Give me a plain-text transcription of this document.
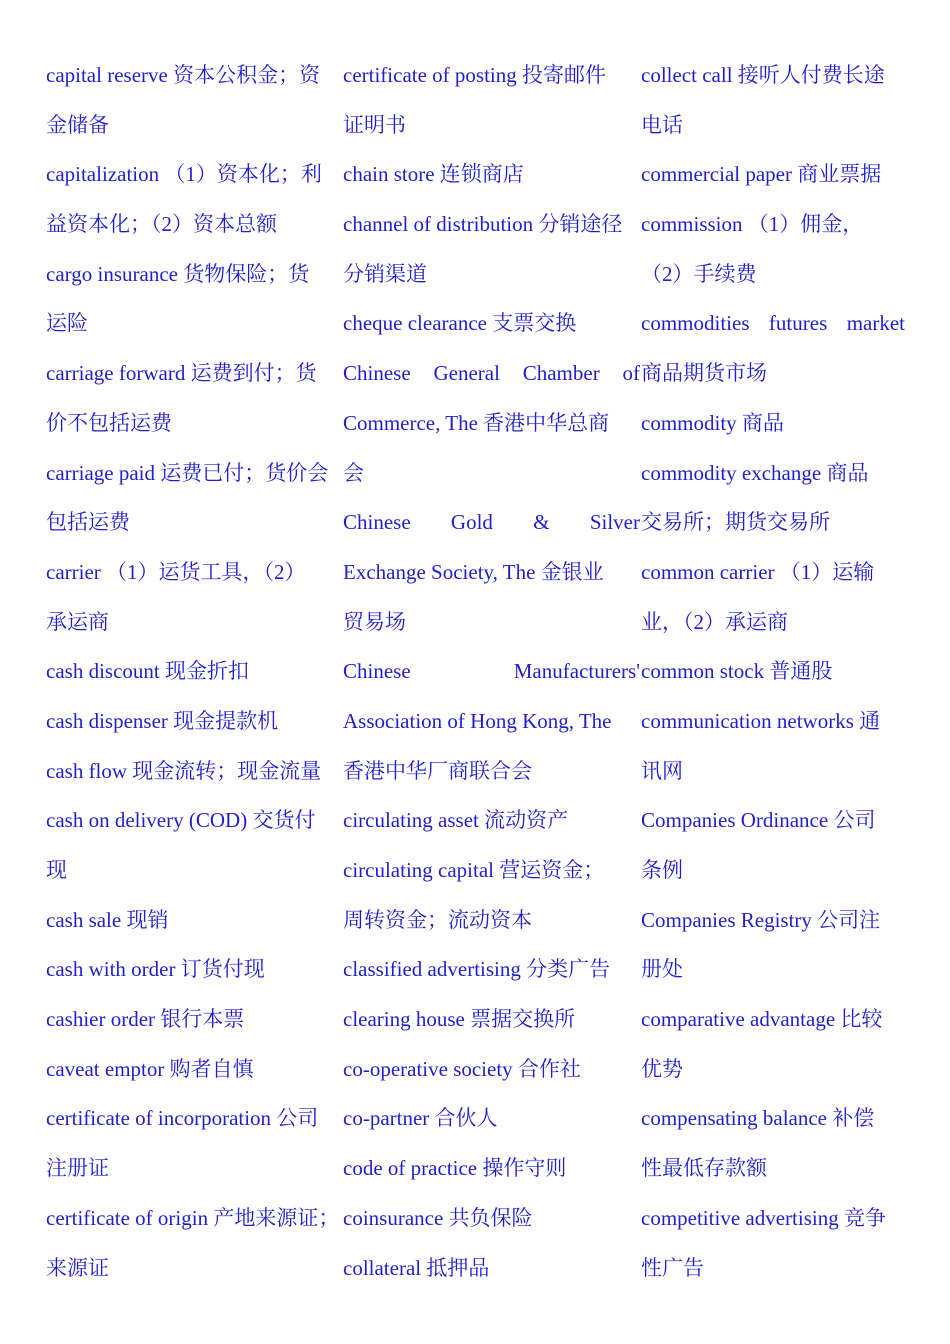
capital reserve 资本公积金；资
金储备
capitalization （1）资本化；利
益资本化；（2）资本总额
cargo insurance 货物保险；货
运险
carriage forward 运费到付；货
价不包括运费
carriage paid 运费已付；货价会
包括运费
carrier （1）运货工具，（2）
承运商
cash discount 现金折扣
cash dispenser 现金提款机
cash flow 现金流转；现金流量
cash on delivery (COD) 交货付
现
cash sale 现销
cash with order 订货付现
cashier order 银行本票
caveat emptor 购者自慎
certificate of incorporation 公司
注册证
certificate of origin 产地来源证；
来源证
certificate of posting 投寄邮件
证明书
chain store 连锁商店
channel of distribution 分销途径
分销渠道
cheque clearance 支票交换
Chinese General Chamber of
Commerce, The 香港中华总商
会
Chinese Gold & Silver
Exchange Society, The 金银业
贸易场
Chinese Manufacturers'
Association of Hong Kong, The
香港中华厂商联合会
circulating asset 流动资产
circulating capital 营运资金；
周转资金；流动资本
classified advertising 分类广告
clearing house 票据交换所
co-operative society 合作社
co-partner 合伙人
code of practice 操作守则
coinsurance 共负保险
collateral 抵押品
collect call 接听人付费长途
电话
commercial paper 商业票据
commission （1）佣金，
（2）手续费
commodities futures market
商品期货市场
commodity 商品
commodity exchange 商品
交易所；期货交易所
common carrier （1）运输
业，（2）承运商
common stock 普通股
communication networks 通
讯网
Companies Ordinance 公司
条例
Companies Registry 公司注
册处
comparative advantage 比较
优势
compensating balance 补偿
性最低存款额
competitive advertising 竞争
性广告
